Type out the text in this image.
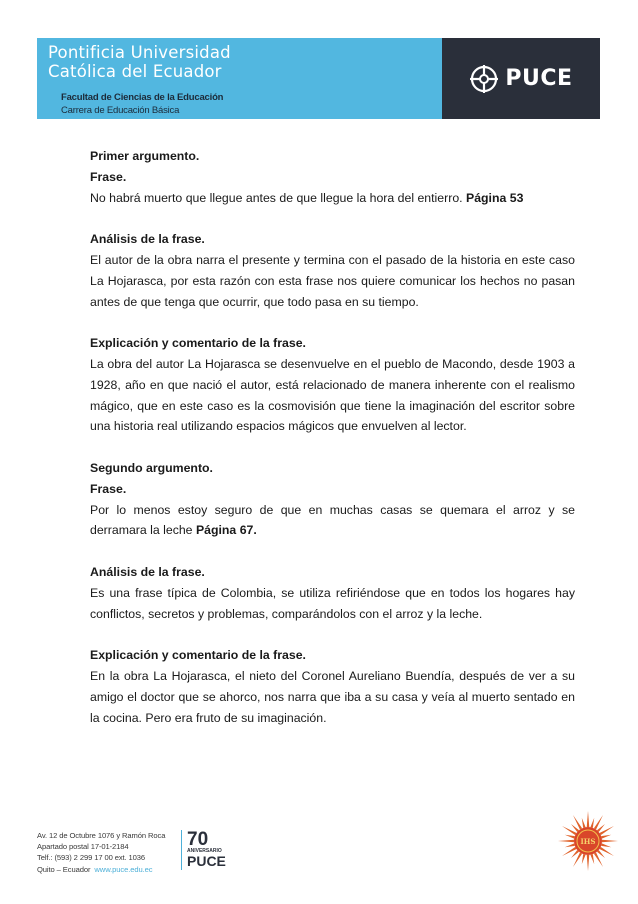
Pontificia Universidad
Católica del Ecuador
Facultad de Ciencias de la Educación
Carrera de Educación Básica
PUCE

Primer argumento.

Frase.

No habrá muerto que llegue antes de que llegue la hora del entierro. Página 53

Análisis de la frase.

El autor de la obra narra el presente y termina con el pasado de la historia en este caso La Hojarasca, por esta razón con esta frase nos quiere comunicar los hechos no pasan antes de que tenga que ocurrir, que todo pasa en su tiempo.

Explicación y comentario de la frase.

La obra del autor La Hojarasca se desenvuelve en el pueblo de Macondo, desde 1903 a 1928, año en que nació el autor, está relacionado de manera inherente con el realismo mágico, que en este caso es la cosmovisión que tiene la imaginación del escritor sobre una historia real utilizando espacios mágicos que envuelven al lector.

Segundo argumento.

Frase.

Por lo menos estoy seguro de que en muchas casas se quemara el arroz y se derramara la leche Página 67.

Análisis de la frase.

Es una frase típica de Colombia, se utiliza refiriéndose que en todos los hogares hay conflictos, secretos y problemas, comparándolos con el arroz y la leche.

Explicación y comentario de la frase.

En la obra La Hojarasca, el nieto del Coronel Aureliano Buendía, después de ver a su amigo el doctor que se ahorco, nos narra que iba a su casa y veía al muerto sentado en la cocina. Pero era fruto de su imaginación.

Av. 12 de Octubre 1076 y Ramón Roca
Apartado postal 17-01-2184
Telf.: (593) 2 299 17 00 ext. 1036
Quito – Ecuador www.puce.edu.ec
70
ANIVERSARIO
PUCE
IHS
